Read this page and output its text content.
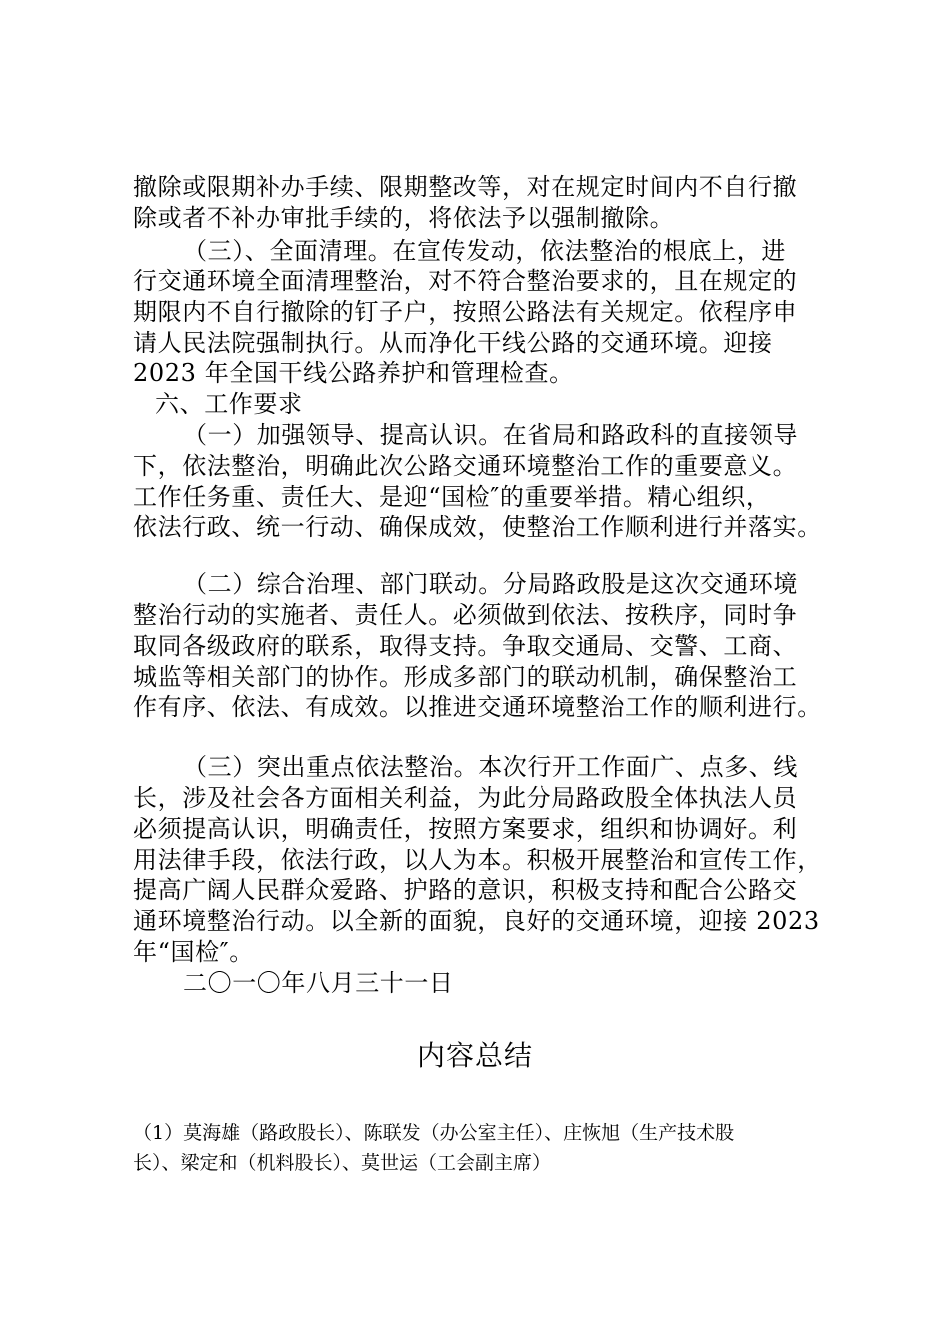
撤除或限期补办手续、限期整改等，对在规定时间内不自行撤
除或者不补办审批手续的，将依法予以强制撤除。
（三）、全面清理。在宣传发动，依法整治的根底上，进
行交通环境全面清理整治，对不符合整治要求的，且在规定的
期限内不自行撤除的钉子户，按照公路法有关规定。依程序申
请人民法院强制执行。从而净化干线公路的交通环境。迎接
2023 年全国干线公路养护和管理检查。
六、工作要求
（一）加强领导、提高认识。在省局和路政科的直接领导
下，依法整治，明确此次公路交通环境整治工作的重要意义。
工作任务重、责任大、是迎“国检″的重要举措。精心组织，
依法行政、统一行动、确保成效，使整治工作顺利进行并落实。
（二）综合治理、部门联动。分局路政股是这次交通环境
整治行动的实施者、责任人。必须做到依法、按秩序，同时争
取同各级政府的联系，取得支持。争取交通局、交警、工商、
城监等相关部门的协作。形成多部门的联动机制，确保整治工
作有序、依法、有成效。以推进交通环境整治工作的顺利进行。
（三）突出重点依法整治。本次行开工作面广、点多、线
长，涉及社会各方面相关利益，为此分局路政股全体执法人员
必须提高认识，明确责任，按照方案要求，组织和协调好。利
用法律手段，依法行政，以人为本。积极开展整治和宣传工作，
提高广阔人民群众爱路、护路的意识，积极支持和配合公路交
通环境整治行动。以全新的面貌，良好的交通环境，迎接 2023
年“国检″。
二〇一〇年八月三十一日
内容总结
（1）莫海雄（路政股长）、陈联发（办公室主任）、庄恢旭（生产技术股
长）、梁定和（机料股长）、莫世运（工会副主席）
